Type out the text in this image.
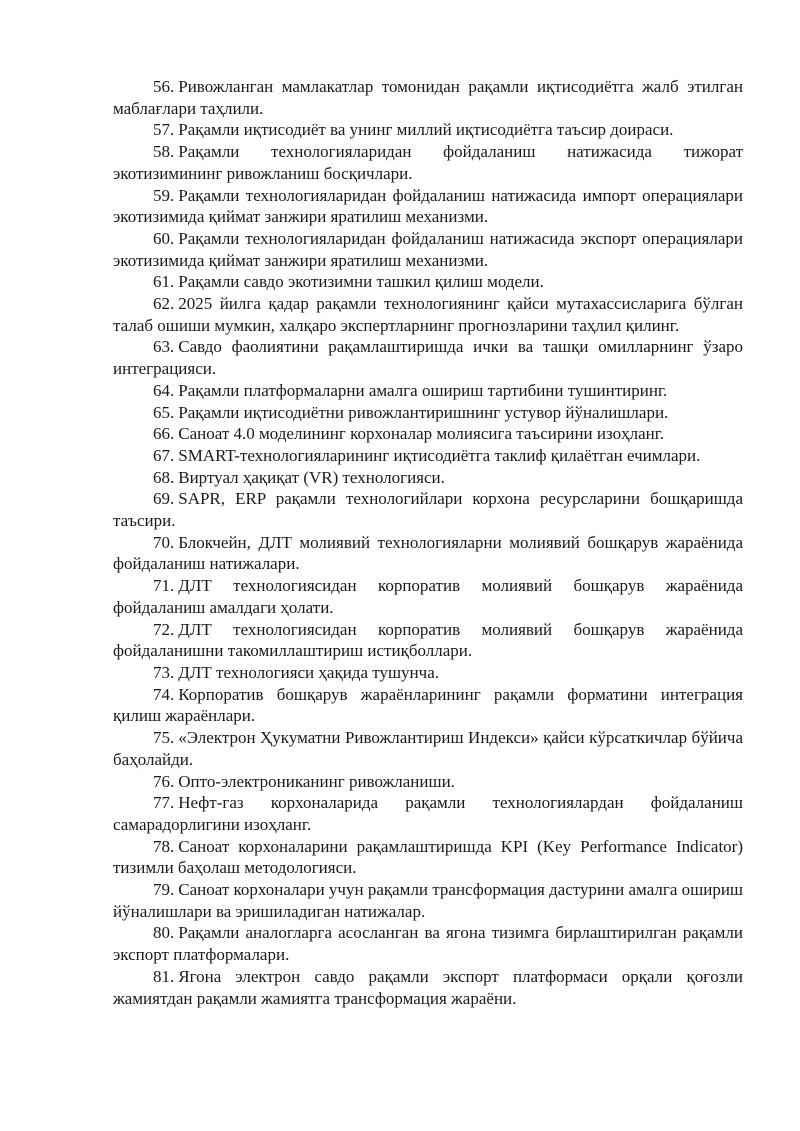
56. Ривожланган мамлакатлар томонидан рақамли иқтисодиётга жалб этилган маблағлари таҳлили.

57. Рақамли иқтисодиёт ва унинг миллий иқтисодиётга таъсир доираси.

58. Рақамли технологияларидан фойдаланиш натижасида тижорат экотизимининг ривожланиш босқичлари.

59. Рақамли технологияларидан фойдаланиш натижасида импорт операциялари экотизимида қиймат занжири яратилиш механизми.

60. Рақамли технологияларидан фойдаланиш натижасида экспорт операциялари экотизимида қиймат занжири яратилиш механизми.

61. Рақамли савдо экотизимни ташкил қилиш модели.

62. 2025 йилга қадар рақамли технологиянинг қайси мутахассисларига бўлган талаб ошиши мумкин, халқаро экспертларнинг прогнозларини таҳлил қилинг.

63. Савдо фаолиятини рақамлаштиришда ички ва ташқи омилларнинг ўзаро интеграцияси.

64. Рақамли платформаларни амалга ошириш тартибини тушинтиринг.

65. Рақамли иқтисодиётни ривожлантиришнинг устувор йўналишлари.

66. Саноат 4.0 моделининг корхоналар молиясига таъсирини изоҳланг.

67. SMART-технологияларининг иқтисодиётга таклиф қилаётган ечимлари.

68. Виртуал ҳақиқат (VR) технологияси.

69. SAPR, ERP рақамли технологийлари корхона ресурсларини бошқаришда таъсири.

70. Блокчейн, ДЛТ молиявий технологияларни молиявий бошқарув жараёнида фойдаланиш натижалари.

71. ДЛТ технологиясидан корпоратив молиявий бошқарув жараёнида фойдаланиш амалдаги ҳолати.

72. ДЛТ технологиясидан корпоратив молиявий бошқарув жараёнида фойдаланишни такомиллаштириш истиқболлари.

73. ДЛТ технологияси ҳақида тушунча.

74. Корпоратив бошқарув жараёнларининг рақамли форматини интеграция қилиш жараёнлари.

75. «Электрон Ҳукуматни Ривожлантириш Индекси» қайси кўрсаткичлар бўйича баҳолайди.

76. Опто-электрониканинг ривожланиши.

77. Нефт-газ корхоналарида рақамли технологиялардан фойдаланиш самарадорлигини изоҳланг.

78. Саноат корхоналарини рақамлаштиришда KPI (Key Performance Indicator) тизимли баҳолаш методологияси.

79. Саноат корхоналари учун рақамли трансформация дастурини амалга ошириш йўналишлари ва эришиладиган натижалар.

80. Рақамли аналогларга асосланган ва ягона тизимга бирлаштирилган рақамли экспорт платформалари.

81. Ягона электрон савдо рақамли экспорт платформаси орқали қоғозли жамиятдан рақамли жамиятга трансформация жараёни.
